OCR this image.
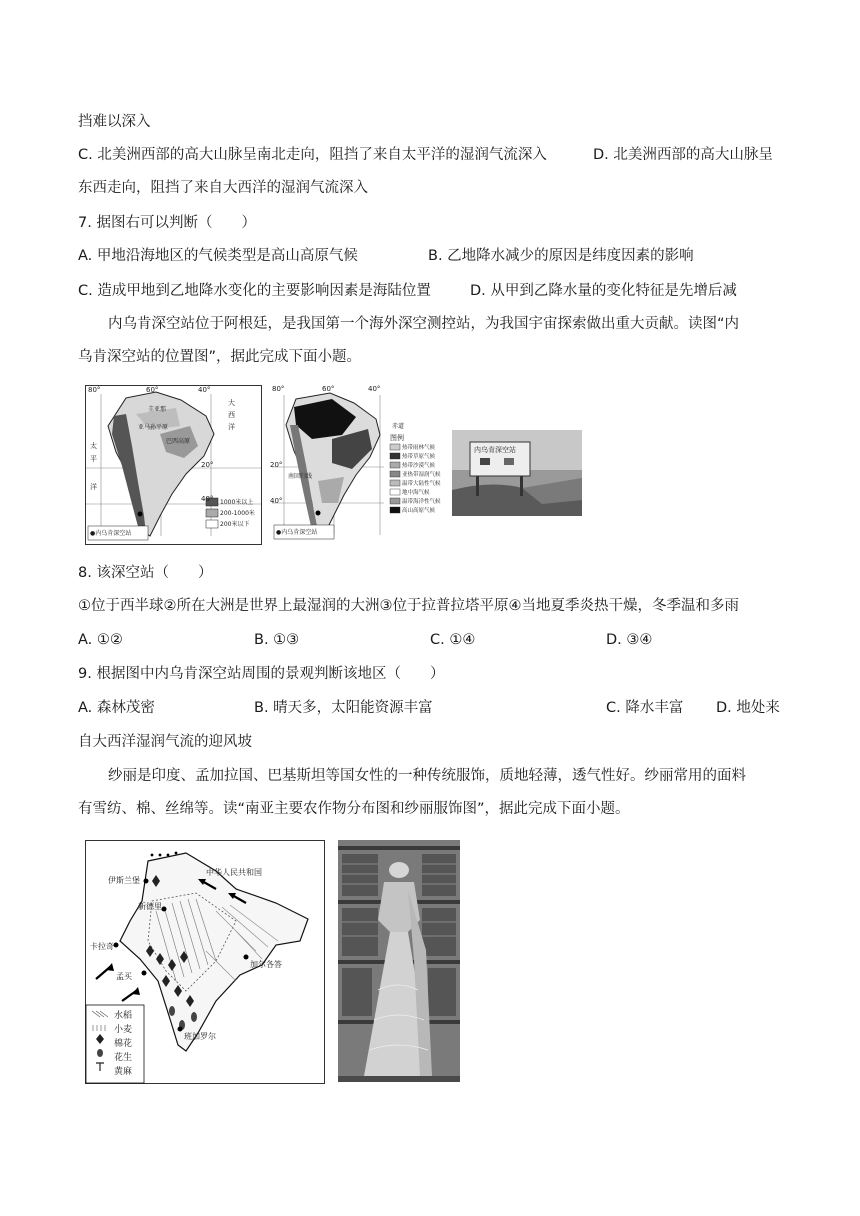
挡难以深入
C. 北美洲西部的高大山脉呈南北走向，阻挡了来自太平洋的湿润气流深入	D. 北美洲西部的高大山脉呈
东西走向，阻挡了来自大西洋的湿润气流深入
7. 据图右可以判断（　　）
A. 甲地沿海地区的气候类型是高山高原气候	B. 乙地降水减少的原因是纬度因素的影响
C. 造成甲地到乙地降水变化的主要影响因素是海陆位置	D. 从甲到乙降水量的变化特征是先增后减
内乌肯深空站位于阿根廷，是我国第一个海外深空测控站，为我国宇宙探索做出重大贡献。读图“内
乌肯深空站的位置图”，据此完成下面小题。
80°	60°	40°
20°
40°
圭亚那
巴西高原
亚马孙平原
大
西
洋
太
平
洋
1000米以上
200-1000米
200米以下
●内乌肯深空站
80°	60°	40°
20°
40°
赤道
南回归线
图例
热带雨林气候
热带草原气候
热带沙漠气候
亚热带湿润气候
温带大陆性气候
地中海气候
温带海洋性气候
高山高原气候
●内乌肯深空站
内乌肯深空站
8. 该深空站（　　）
①位于西半球②所在大洲是世界上最湿润的大洲③位于拉普拉塔平原④当地夏季炎热干燥，冬季温和多雨
A. ①②	B. ①③	C. ①④	D. ③④
9. 根据图中内乌肯深空站周围的景观判断该地区（　　）
A. 森林茂密	B. 晴天多，太阳能资源丰富	C. 降水丰富 D. 地处来
自大西洋湿润气流的迎风坡
纱丽是印度、孟加拉国、巴基斯坦等国女性的一种传统服饰，质地轻薄，透气性好。纱丽常用的面料
有雪纺、棉、丝绵等。读“南亚主要农作物分布图和纱丽服饰图”，据此完成下面小题。
中华人民共和国
伊斯兰堡
新德里
卡拉奇
孟买
加尔各答
班加罗尔
水稻
小麦
棉花
花生
黄麻
